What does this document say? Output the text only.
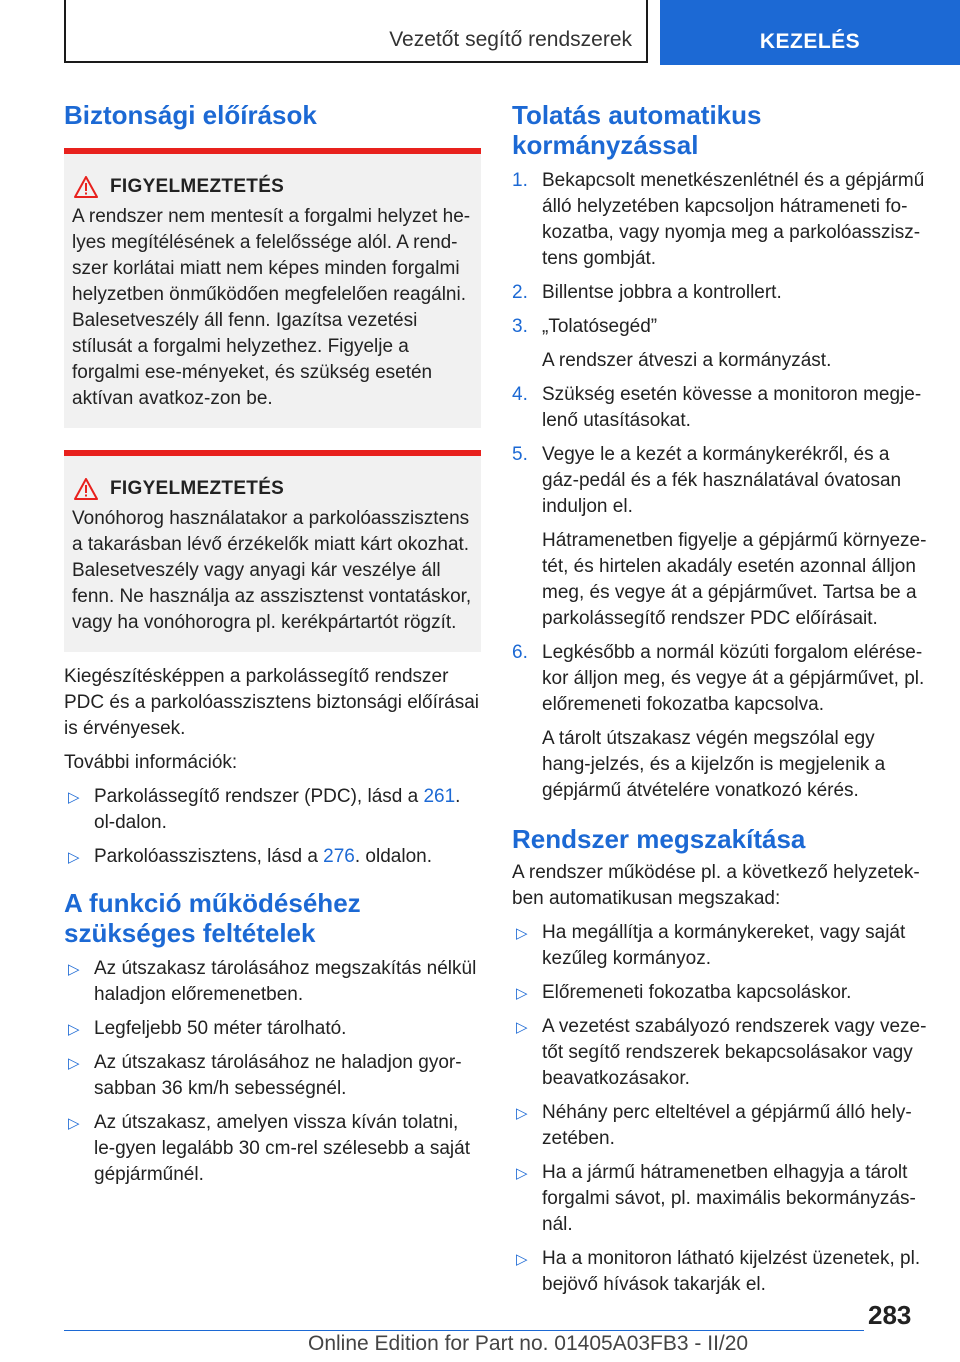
Vezetőt segítő rendszerek	KEZELÉS
Biztonsági előírások
FIGYELMEZTETÉS

A rendszer nem mentesít a forgalmi helyzet he-lyes megítélésének a felelőssége alól. A rend-szer korlátai miatt nem képes minden forgalmi helyzetben önműködően megfelelően reagálni. Balesetveszély áll fenn. Igazítsa vezetési stílusát a forgalmi helyzethez. Figyelje a forgalmi ese-ményeket, és szükség esetén aktívan avatkoz-zon be.

FIGYELMEZTETÉS

Vonóhorog használatakor a parkolóasszisztens a takarásban lévő érzékelők miatt kárt okozhat. Balesetveszély vagy anyagi kár veszélye áll fenn. Ne használja az asszisztenst vontatáskor, vagy ha vonóhorogra pl. kerékpártartót rögzít.

Kiegészítésképpen a parkolássegítő rendszer PDC és a parkolóasszisztens biztonsági előírásai is érvényesek.

További információk:

▷ Parkolássegítő rendszer (PDC), lásd a 261. ol-dalon.
▷ Parkolóasszisztens, lásd a 276. oldalon.
A funkció működéséhez szükséges feltételek
▷ Az útszakasz tárolásához megszakítás nélkül haladjon előremenetben.
▷ Legfeljebb 50 méter tárolható.
▷ Az útszakasz tárolásához ne haladjon gyor-sabban 36 km/h sebességnél.
▷ Az útszakasz, amelyen vissza kíván tolatni, le-gyen legalább 30 cm-rel szélesebb a saját gépjárműnél.
Tolatás automatikus kormányzással
1. Bekapcsolt menetkészenlétnél és a gépjármű álló helyzetében kapcsoljon hátrameneti fo-kozatba, vagy nyomja meg a parkolóasszisz-tens gombját.
2. Billentse jobbra a kontrollert.
3. „Tolatósegéd”

A rendszer átveszi a kormányzást.

4. Szükség esetén kövesse a monitoron megje-lenő utasításokat.
5. Vegye le a kezét a kormánykerékről, és a gáz-pedál és a fék használatával óvatosan induljon el.

Hátramenetben figyelje a gépjármű környeze-tét, és hirtelen akadály esetén azonnal álljon meg, és vegye át a gépjárművet. Tartsa be a parkolássegítő rendszer PDC előírásait.

6. Legkésőbb a normál közúti forgalom elérése-kor álljon meg, és vegye át a gépjárművet, pl. előremeneti fokozatba kapcsolva.

A tárolt útszakasz végén megszólal egy hang-jelzés, és a kijelzőn is megjelenik a gépjármű átvételére vonatkozó kérés.

Rendszer megszakítása

A rendszer működése pl. a következő helyzetek-ben automatikusan megszakad:

▷ Ha megállítja a kormánykereket, vagy saját kezűleg kormányoz.
▷ Előremeneti fokozatba kapcsoláskor.
▷ A vezetést szabályozó rendszerek vagy veze-tőt segítő rendszerek bekapcsolásakor vagy beavatkozásakor.
▷ Néhány perc elteltével a gépjármű álló hely-zetében.
▷ Ha a jármű hátramenetben elhagyja a tárolt forgalmi sávot, pl. maximális bekormányzás-nál.
▷ Ha a monitoron látható kijelzést üzenetek, pl. bejövő hívások takarják el.
283
Online Edition for Part no. 01405A03FB3 - II/20
